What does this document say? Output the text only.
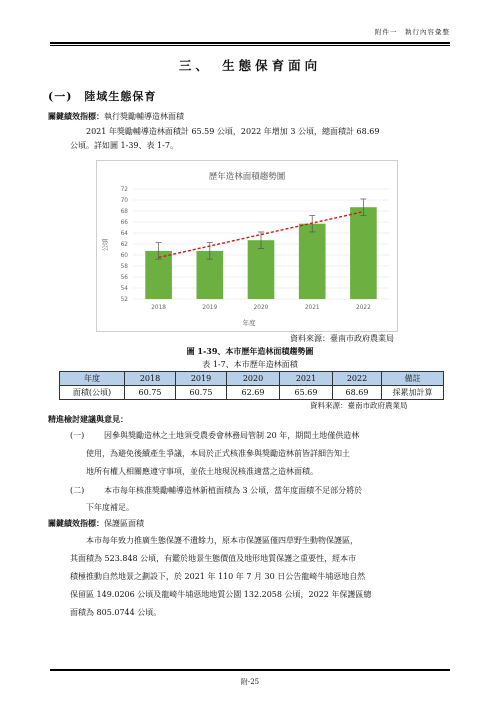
附件一　執行內容彙整
三、　生態保育面向
(一)　陸域生態保育
關鍵績效指標：執行獎勵輔導造林面積
2021 年獎勵輔導造林面積計 65.59 公頃，2022 年增加 3 公頃，總面積計 68.69
公頃。詳如圖 1-39、表 1-7。
歷年造林面積趨勢圖
52
54
56
58
60
62
64
66
68
70
72
2018	2019	2020	2021	2022
公頃
年度
資料來源：臺南市政府農業局
圖 1-39、本市歷年造林面積趨勢圖
表 1-7、本市歷年造林面積
年度	2018	2019	2020	2021	2022	備註
面積(公頃)	60.75	60.75	62.69	65.69	68.69	採累加計算
資料來源：臺南市政府農業局
精進檢討建議與意見：
(一) 因參與獎勵造林之土地須受農委會林務局管制 20 年，期間土地僅供造林
使用，為避免後續產生爭議，本局於正式核准參與獎勵造林前皆詳細告知土
地所有權人相關應遵守事項，並依土地現況核准適當之造林面積。
(二) 本市每年核准獎勵輔導造林新植面積為 3 公頃，當年度面積不足部分將於
下年度補足。
關鍵績效指標：保護區面積
本市每年致力推廣生態保護不遺餘力，原本市保護區僅四草野生動物保護區，
其面積為 523.848 公頃，有鑑於地景生態價值及地形地質保護之重要性，經本市
積極推動自然地景之劃設下，於 2021 年 110 年 7 月 30 日公告龍崎牛埔惡地自然
保留區 149.0206 公頃及龍崎牛埔惡地地質公園 132.2058 公頃，2022 年保護區總
面積為 805.0744 公頃。
附-25
